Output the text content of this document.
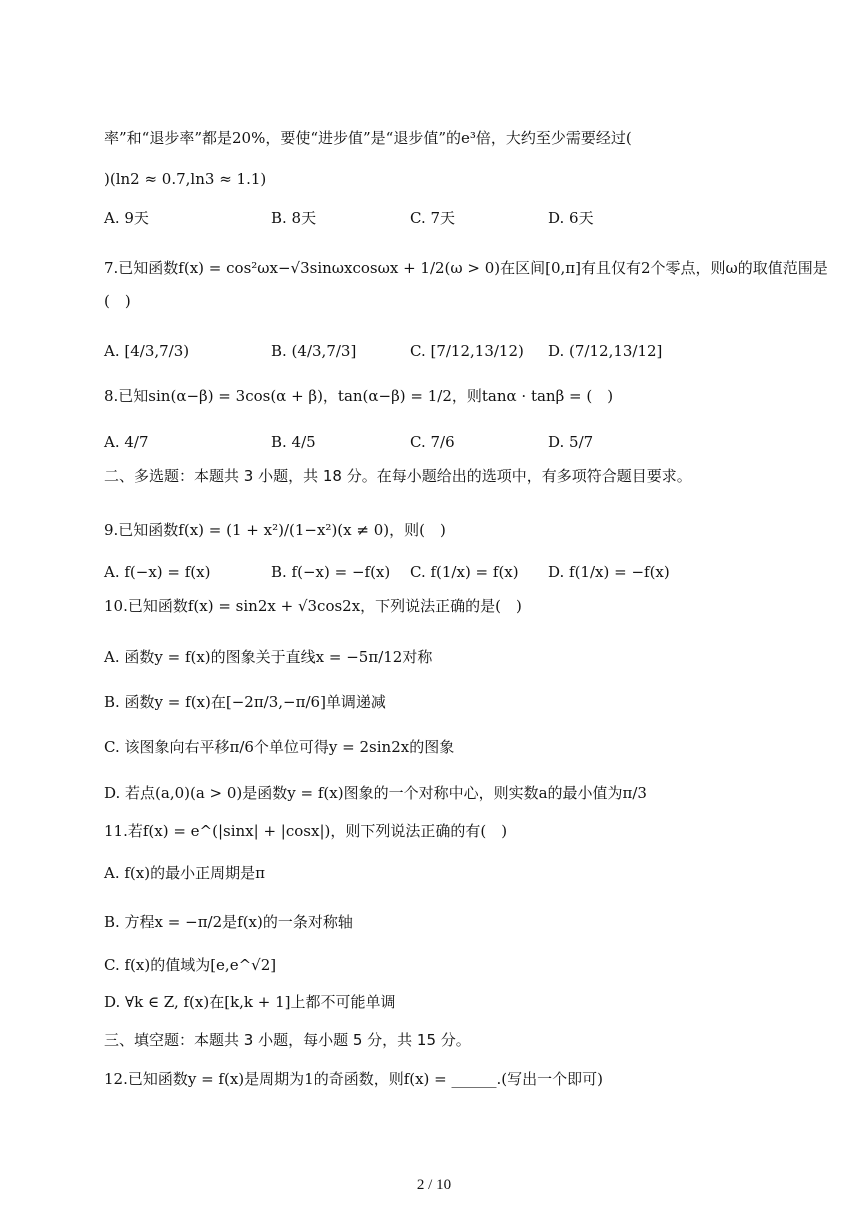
率”和“退步率”都是20%，要使“进步值”是“退步值”的e³倍，大约至少需要经过(
)(ln2 ≈ 0.7,ln3 ≈ 1.1)
A. 9天	B. 8天	C. 7天	D. 6天
7.已知函数f(x) = cos²ωx−√3sinωxcosωx + 1/2(ω > 0)在区间[0,π]有且仅有2个零点，则ω的取值范围是
(　)
A. [4/3,7/3)	B. (4/3,7/3]	C. [7/12,13/12) D. (7/12,13/12]
8.已知sin(α−β) = 3cos(α + β)，tan(α−β) = 1/2，则tanα · tanβ = (　)
A. 4/7	B. 4/5	C. 7/6	D. 5/7
二、多选题：本题共 3 小题，共 18 分。在每小题给出的选项中，有多项符合题目要求。
9.已知函数f(x) = (1 + x²)/(1−x²)(x ≠ 0)，则(　)
A. f(−x) = f(x)	B. f(−x) = −f(x) C. f(1/x) = f(x) D. f(1/x) = −f(x)
10.已知函数f(x) = sin2x + √3cos2x，下列说法正确的是(　)
A. 函数y = f(x)的图象关于直线x = −5π/12对称
B. 函数y = f(x)在[−2π/3,−π/6]单调递减
C. 该图象向右平移π/6个单位可得y = 2sin2x的图象
D. 若点(a,0)(a > 0)是函数y = f(x)图象的一个对称中心，则实数a的最小值为π/3
11.若f(x) = e^(|sinx| + |cosx|)，则下列说法正确的有(　)
A. f(x)的最小正周期是π
B. 方程x = −π/2是f(x)的一条对称轴
C. f(x)的值域为[e,e^√2]
D. ∀k ∈ Z, f(x)在[k,k + 1]上都不可能单调
三、填空题：本题共 3 小题，每小题 5 分，共 15 分。
12.已知函数y = f(x)是周期为1的奇函数，则f(x) = ______.(写出一个即可)
2 / 10
